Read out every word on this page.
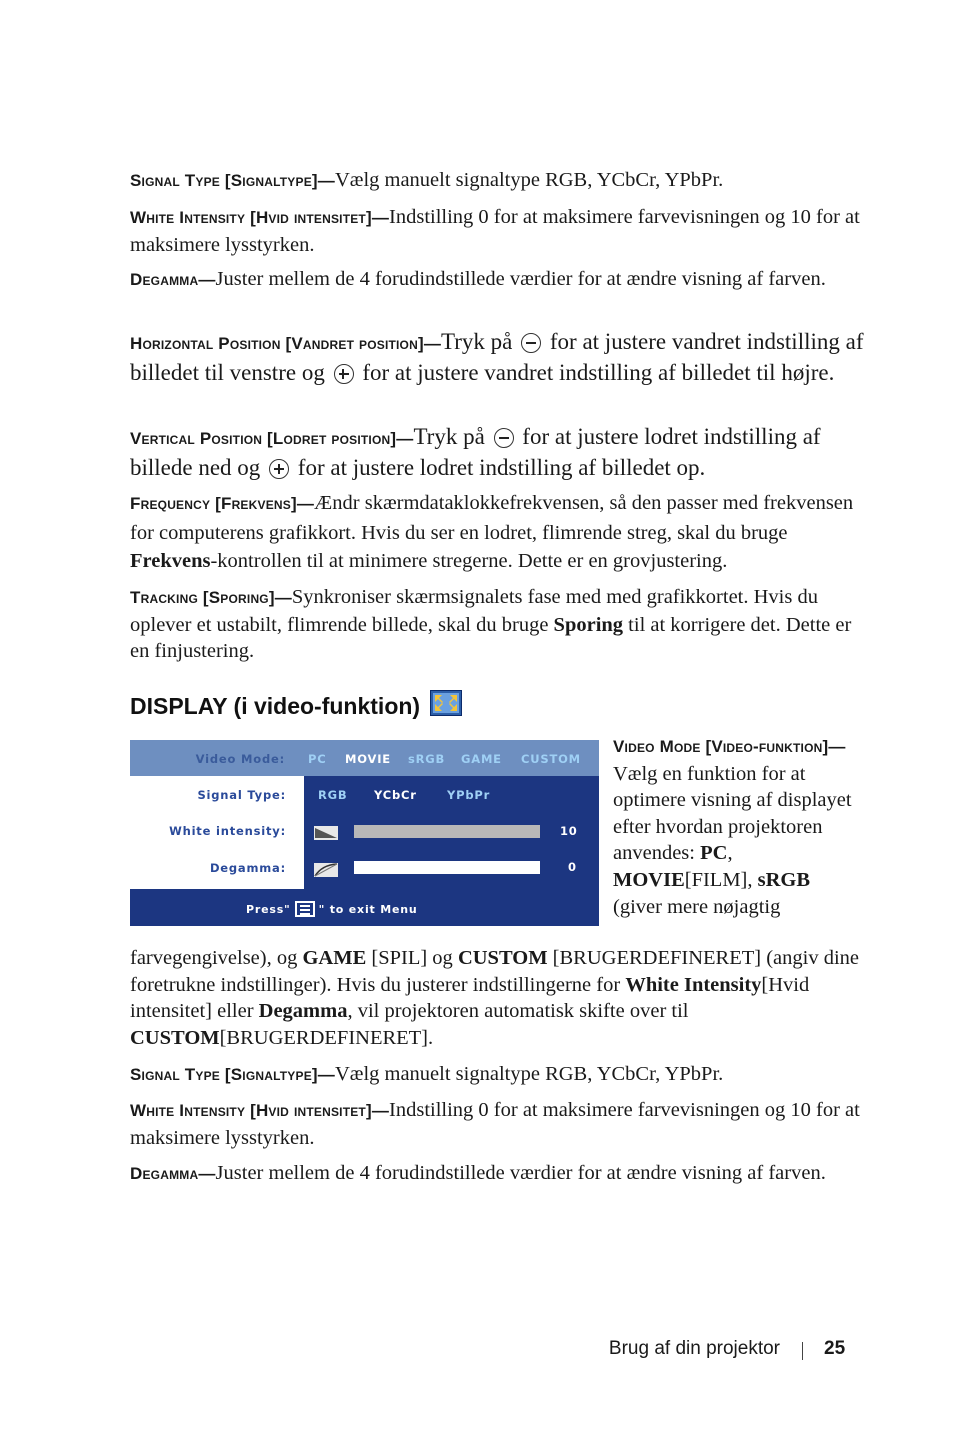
Signal Type [Signaltype]—Vælg manuelt signaltype RGB, YCbCr, YPbPr.

White Intensity [Hvid intensitet]—Indstilling 0 for at maksimere farvevisningen og 10 for at maksimere lysstyrken.

Degamma—Juster mellem de 4 forudindstillede værdier for at ændre visning af farven.

Horizontal Position [Vandret position]—Tryk på  for at justere vandret indstilling af billedet til venstre og  for at justere vandret indstilling af billedet til højre.

Vertical Position [Lodret position]—Tryk på  for at justere lodret indstilling af billede ned og  for at justere lodret indstilling af billedet op.

Frequency [Frekvens]—Ændr skærmdataklokkefrekvensen, så den passer med frekvensen for computerens grafikkort. Hvis du ser en lodret, flimrende streg, skal du bruge Frekvens-kontrollen til at minimere stregerne. Dette er en grovjustering.

Tracking [Sporing]—Synkroniser skærmsignalets fase med med grafikkortet. Hvis du oplever et ustabilt, flimrende billede, skal du bruge Sporing til at korrigere det. Dette er en finjustering.

DISPLAY (i video-funktion)
Video Mode: PC MOVIE sRGB GAME CUSTOM
Signal Type:
White intensity:
Degamma:
RGB YCbCr	YPbPr
10
0
Press"	" to exit Menu
Video Mode [Video-funktion]—Vælg en funktion for at optimere visning af displayet efter hvordan projektoren anvendes: PC, MOVIE[FILM], sRGB (giver mere nøjagtig

farvegengivelse), og GAME [SPIL] og CUSTOM [BRUGERDEFINERET] (angiv dine foretrukne indstillinger). Hvis du justerer indstillingerne for White Intensity[Hvid intensitet] eller Degamma, vil projektoren automatisk skifte over til CUSTOM[BRUGERDEFINERET].

Signal Type [Signaltype]—Vælg manuelt signaltype RGB, YCbCr, YPbPr.

White Intensity [Hvid intensitet]—Indstilling 0 for at maksimere farvevisningen og 10 for at maksimere lysstyrken.

Degamma—Juster mellem de 4 forudindstillede værdier for at ændre visning af farven.

Brug af din projektor 25
